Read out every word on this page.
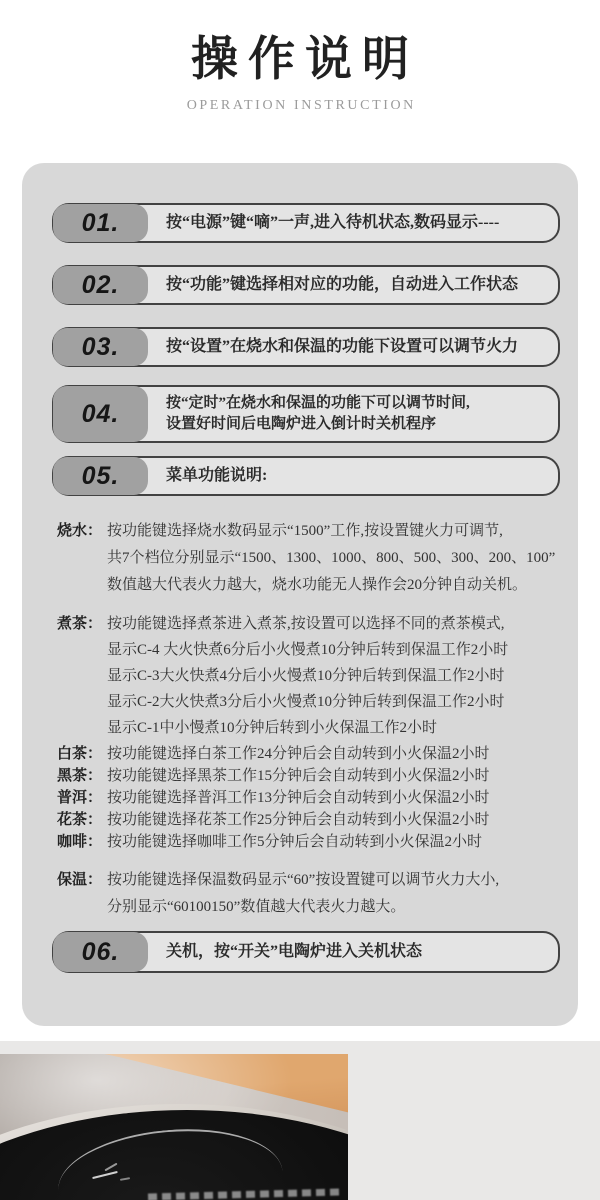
操作说明
OPERATION INSTRUCTION
01.	按“电源”键“嘀”一声,进入待机状态,数码显示----
02.	按“功能”键选择相对应的功能，自动进入工作状态
03.	按“设置”在烧水和保温的功能下设置可以调节火力
04.	按“定时”在烧水和保温的功能下可以调节时间,
设置好时间后电陶炉进入倒计时关机程序
05.	菜单功能说明:
烧水： 按功能键选择烧水数码显示“1500”工作,按设置键火力可调节,
共7个档位分别显示“1500、1300、1000、800、500、300、200、100”
数值越大代表火力越大，烧水功能无人操作会20分钟自动关机。
煮茶： 按功能键选择煮茶进入煮茶,按设置可以选择不同的煮茶模式,
显示C-4 大火快煮6分后小火慢煮10分钟后转到保温工作2小时
显示C-3大火快煮4分后小火慢煮10分钟后转到保温工作2小时
显示C-2大火快煮3分后小火慢煮10分钟后转到保温工作2小时
显示C-1中小慢煮10分钟后转到小火保温工作2小时
白茶： 按功能键选择白茶工作24分钟后会自动转到小火保温2小时
黑茶： 按功能键选择黑茶工作15分钟后会自动转到小火保温2小时
普洱： 按功能键选择普洱工作13分钟后会自动转到小火保温2小时
花茶： 按功能键选择花茶工作25分钟后会自动转到小火保温2小时
咖啡： 按功能键选择咖啡工作5分钟后会自动转到小火保温2小时
保温： 按功能键选择保温数码显示“60”按设置键可以调节火力大小,
分别显示“60100150”数值越大代表火力越大。
06.	关机，按“开关”电陶炉进入关机状态
